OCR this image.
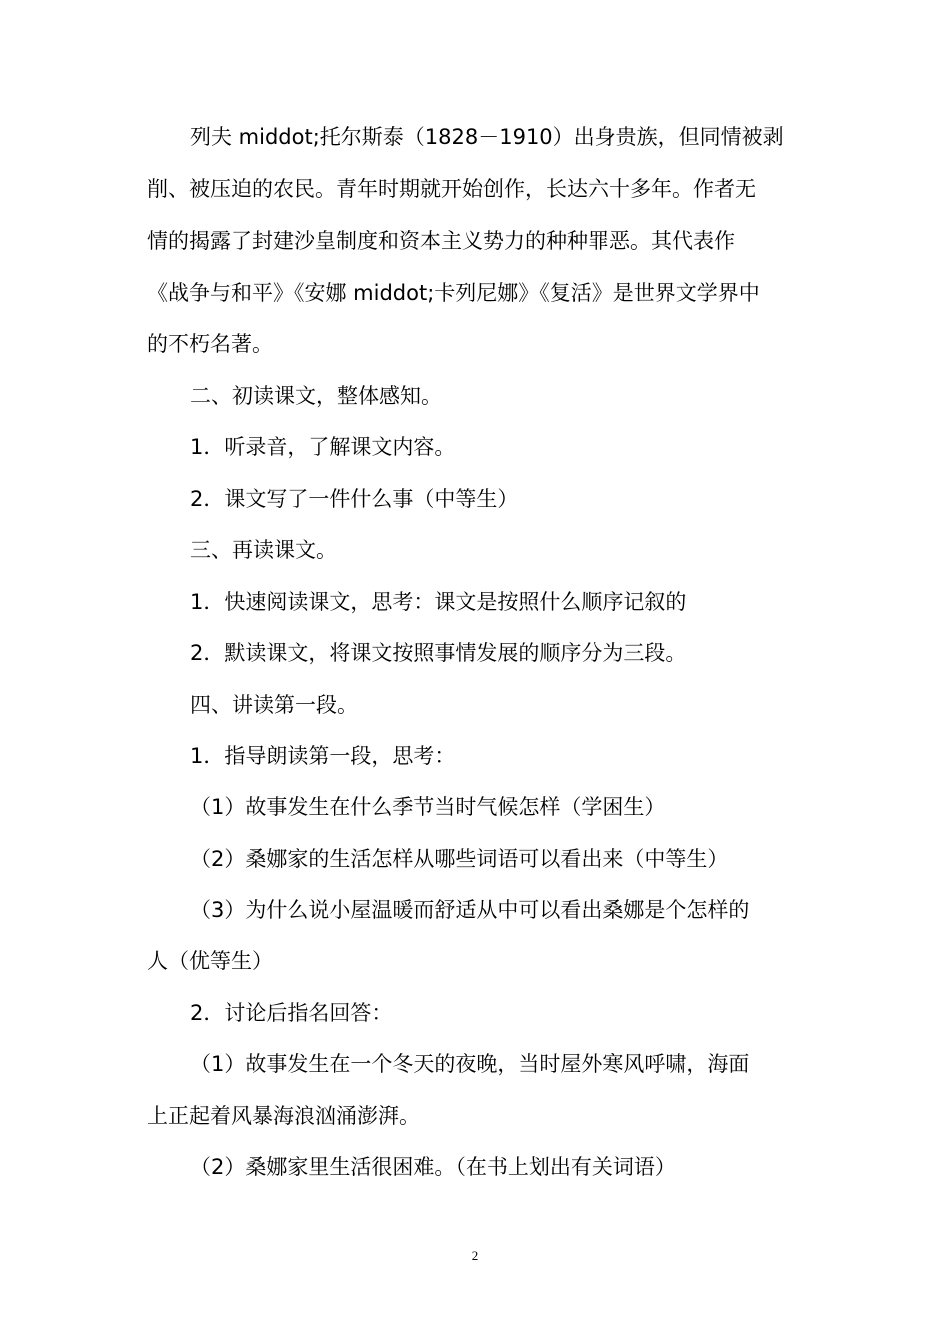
列夫 middot;托尔斯泰（1828－1910）出身贵族，但同情被剥
削、被压迫的农民。青年时期就开始创作，长达六十多年。作者无
情的揭露了封建沙皇制度和资本主义势力的种种罪恶。其代表作
《战争与和平》《安娜 middot;卡列尼娜》《复活》是世界文学界中
的不朽名著。
二、初读课文，整体感知。
1．听录音，了解课文内容。
2．课文写了一件什么事（中等生）
三、再读课文。
1．快速阅读课文，思考：课文是按照什么顺序记叙的
2．默读课文，将课文按照事情发展的顺序分为三段。
四、讲读第一段。
1．指导朗读第一段，思考：
（1）故事发生在什么季节当时气候怎样（学困生）
（2）桑娜家的生活怎样从哪些词语可以看出来（中等生）
（3）为什么说小屋温暖而舒适从中可以看出桑娜是个怎样的
人（优等生）
2．讨论后指名回答：
（1）故事发生在一个冬天的夜晚，当时屋外寒风呼啸，海面
上正起着风暴海浪汹涌澎湃。
（2）桑娜家里生活很困难。（在书上划出有关词语）
2
